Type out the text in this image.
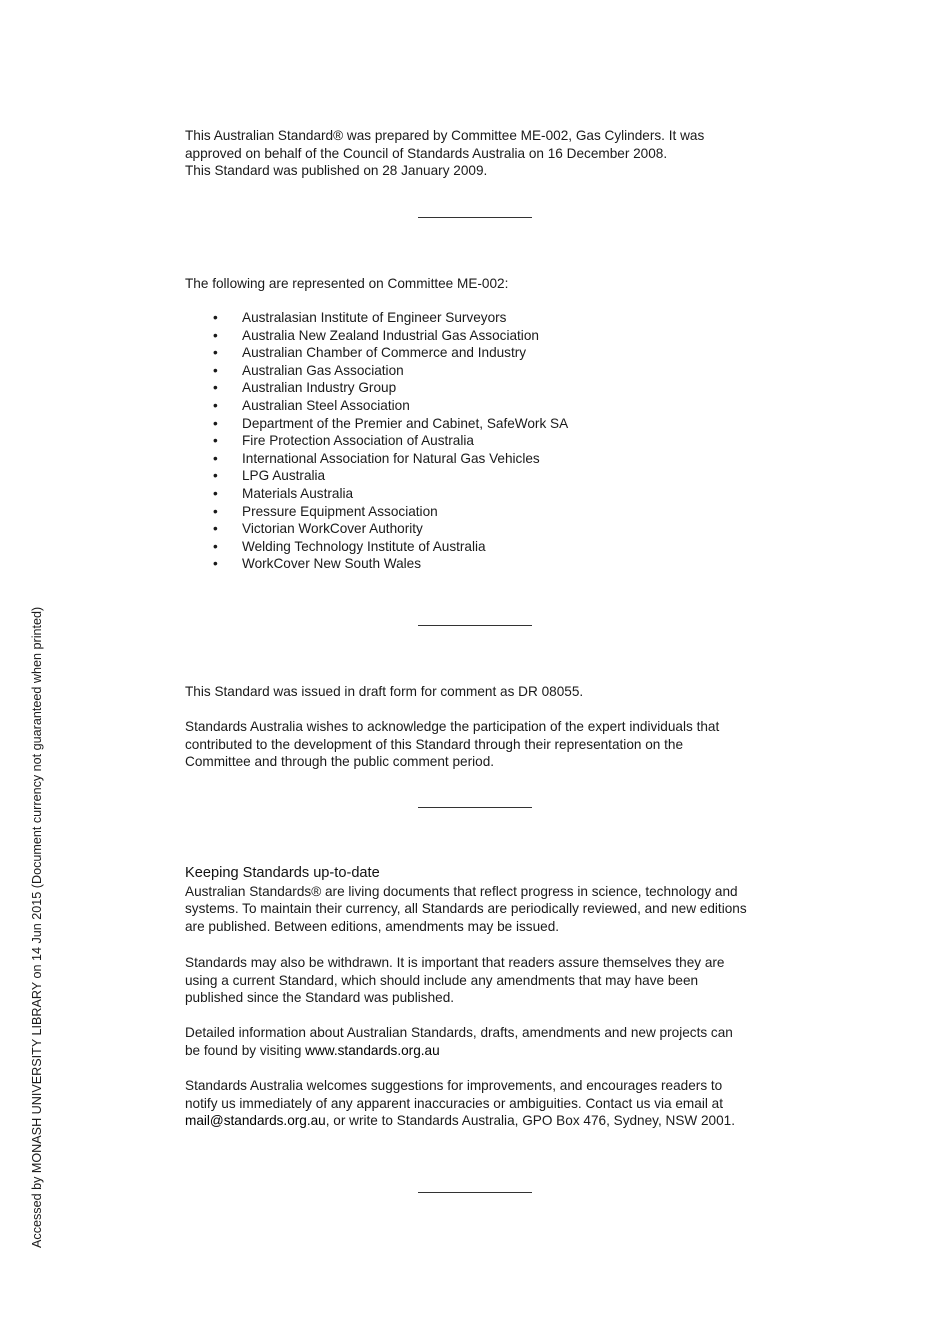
This Australian Standard® was prepared by Committee ME-002, Gas Cylinders. It was

approved on behalf of the Council of Standards Australia on 16 December 2008.

This Standard was published on 28 January 2009.

The following are represented on Committee ME-002:

• Australasian Institute of Engineer Surveyors
• Australia New Zealand Industrial Gas Association
• Australian Chamber of Commerce and Industry
• Australian Gas Association
• Australian Industry Group
• Australian Steel Association
• Department of the Premier and Cabinet, SafeWork SA
• Fire Protection Association of Australia
• International Association for Natural Gas Vehicles
• LPG Australia
• Materials Australia
• Pressure Equipment Association
• Victorian WorkCover Authority
• Welding Technology Institute of Australia
• WorkCover New South Wales

This Standard was issued in draft form for comment as DR 08055.

Standards Australia wishes to acknowledge the participation of the expert individuals that

contributed to the development of this Standard through their representation on the

Committee and through the public comment period.

Keeping Standards up-to-date

Australian Standards® are living documents that reflect progress in science, technology and

systems. To maintain their currency, all Standards are periodically reviewed, and new editions

are published. Between editions, amendments may be issued.

Standards may also be withdrawn. It is important that readers assure themselves they are

using a current Standard, which should include any amendments that may have been

published since the Standard was published.

Detailed information about Australian Standards, drafts, amendments and new projects can

be found by visiting www.standards.org.au

Standards Australia welcomes suggestions for improvements, and encourages readers to

notify us immediately of any apparent inaccuracies or ambiguities. Contact us via email at

mail@standards.org.au, or write to Standards Australia, GPO Box 476, Sydney, NSW 2001.

Accessed by MONASH UNIVERSITY LIBRARY on 14 Jun 2015 (Document currency not guaranteed when printed)
